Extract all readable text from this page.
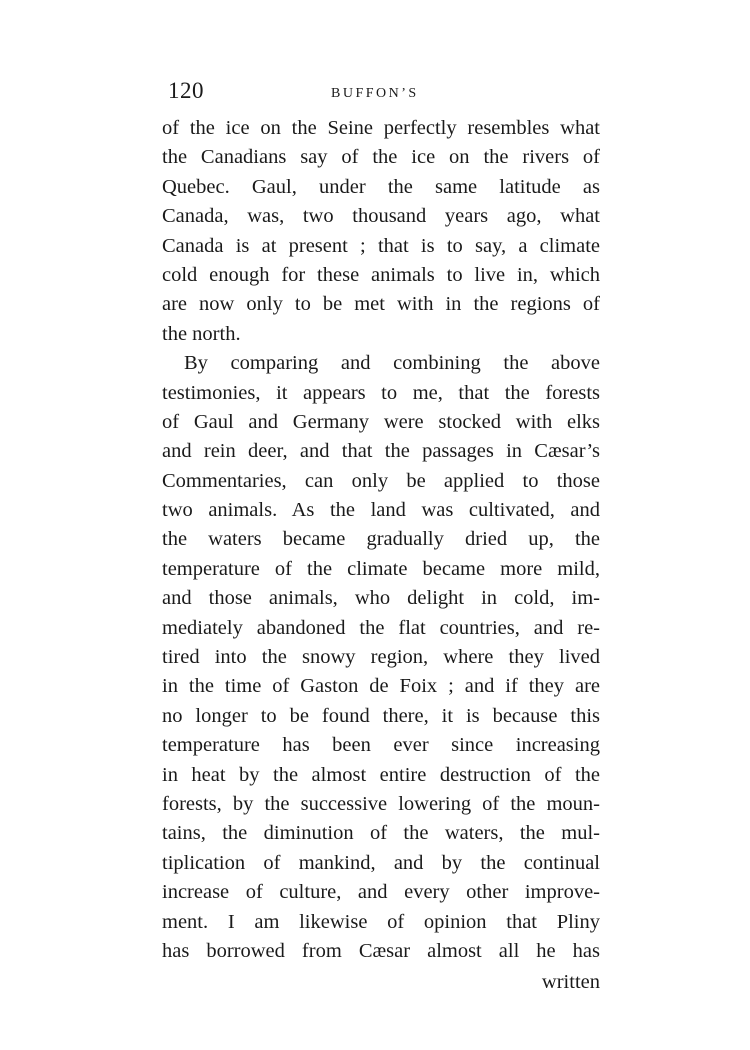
120	BUFFON’S
of the ice on the Seine perfectly resembles what
the Canadians say of the ice on the rivers of
Quebec. Gaul, under the same latitude as
Canada, was, two thousand years ago, what
Canada is at present ; that is to say, a climate
cold enough for these animals to live in, which
are now only to be met with in the regions of
the north.
By comparing and combining the above
testimonies, it appears to me, that the forests
of Gaul and Germany were stocked with elks
and rein deer, and that the passages in Cæsar’s
Commentaries, can only be applied to those
two animals. As the land was cultivated, and
the waters became gradually dried up, the
temperature of the climate became more mild,
and those animals, who delight in cold, im-
mediately abandoned the flat countries, and re-
tired into the snowy region, where they lived
in the time of Gaston de Foix ; and if they are
no longer to be found there, it is because this
temperature has been ever since increasing
in heat by the almost entire destruction of the
forests, by the successive lowering of the moun-
tains, the diminution of the waters, the mul-
tiplication of mankind, and by the continual
increase of culture, and every other improve-
ment. I am likewise of opinion that Pliny
has borrowed from Cæsar almost all he has
written
